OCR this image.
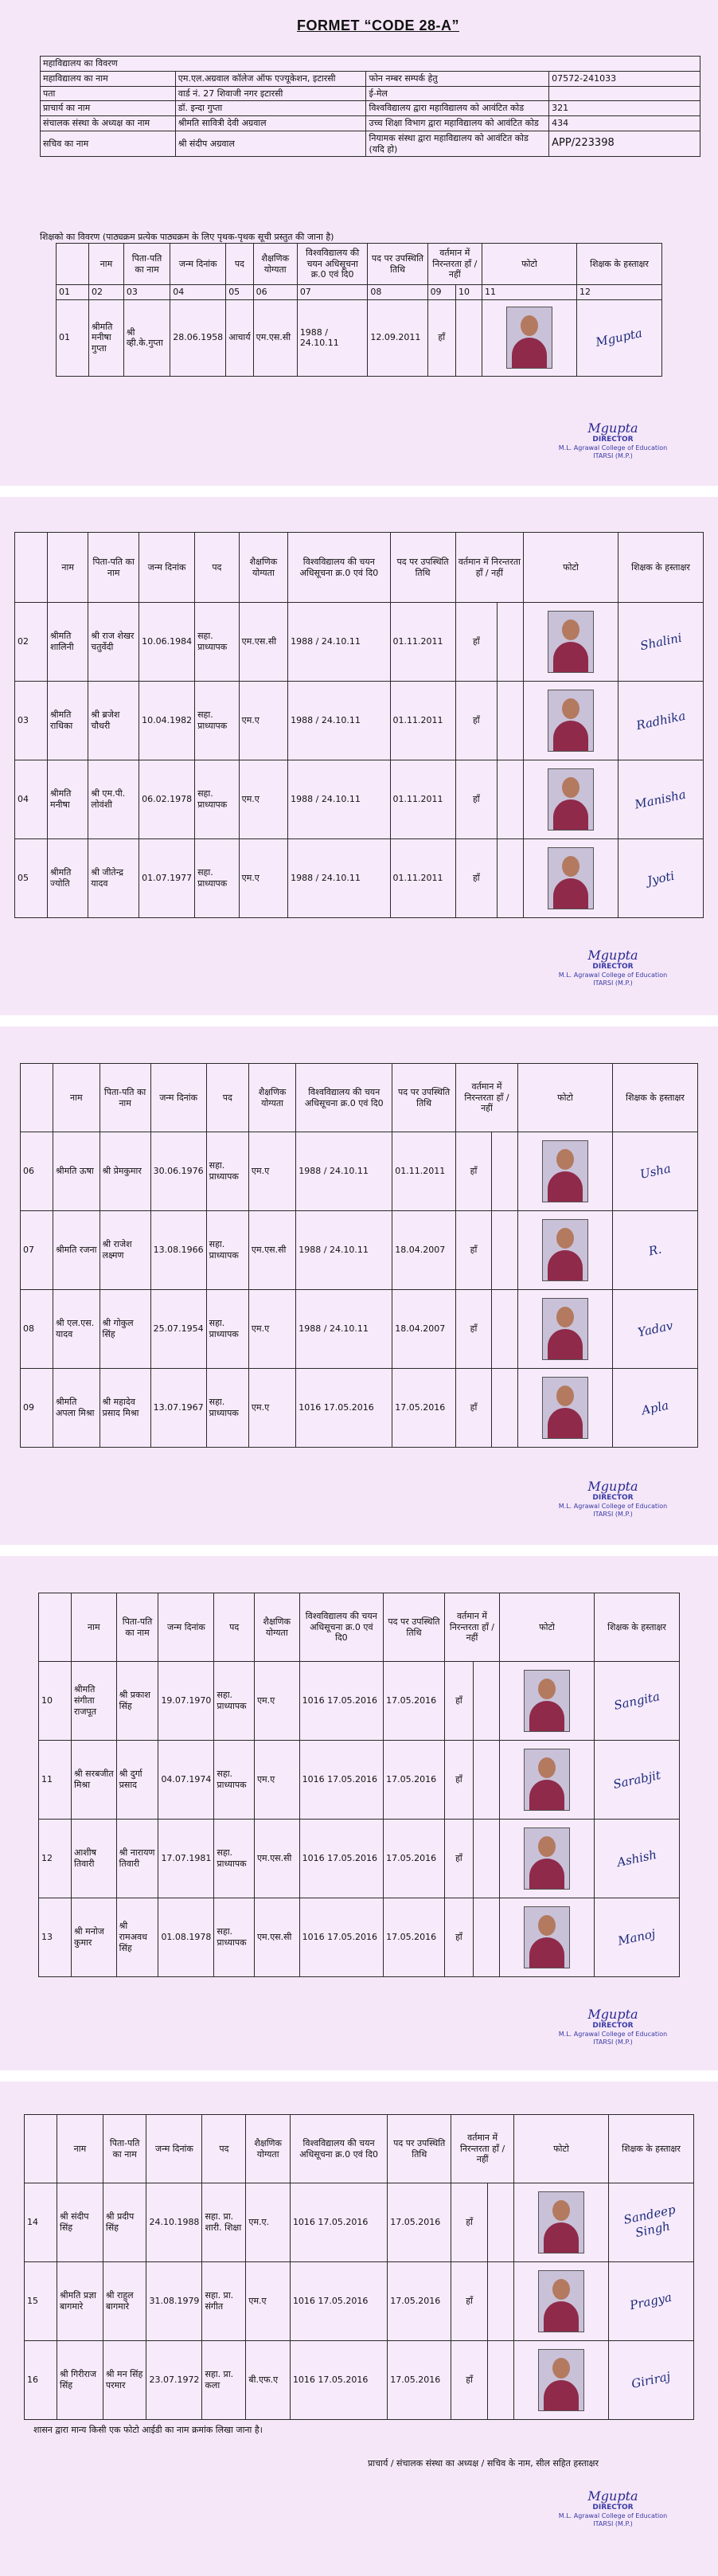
FORMET “CODE 28-A”
महाविद्यालय का विवरण			
महाविद्यालय का नाम	एम.एल.अग्रवाल कॉलेज ऑफ एज्यूकेशन, इटारसी	फोन नम्बर सम्पर्क हेतु	07572-241033
पता	वार्ड नं. 27 शिवाजी नगर इटारसी	ई-मेल	
प्राचार्य का नाम	डॉ. इन्दा गुप्ता	विश्वविद्यालय द्वारा महाविद्यालय को आवंटित कोड	321
संचालक संस्था के अध्यक्ष का नाम	श्रीमति सावित्री देवी अग्रवाल	उच्च शिक्षा विभाग द्वारा महाविद्यालय को आवंटित कोड	434
सचिव का नाम	श्री संदीप अग्रवाल	नियामक संस्था द्वारा महाविद्यालय को आवंटित कोड (यदि हो)	APP/223398
शिक्षको का विवरण (पाठ्यक्रम प्रत्येक पाठ्यक्रम के लिए पृथक-पृथक सूची प्रस्तुत की जाना है)
	नाम	पिता-पति का नाम	जन्म दिनांक	पद	शैक्षणिक योग्यता	विश्वविद्यालय की चयन अधिसूचना क्र.0 एवं दि0	पद पर उपस्थिति तिथि	वर्तमान में निरन्तरता हाँ / नहीं		फोटो	शिक्षक के हस्ताक्षर
01	02	03	04	05	06	07	08	09	10	11	12
01	श्रीमति मनीषा गुप्ता	श्री व्ही.के.गुप्ता	28.06.1958	आचार्य	एम.एस.सी	1988 / 24.10.11	12.09.2011	हाँ			Mgupta
Mgupta
DIRECTOR
M.L. Agrawal College of Education
ITARSI (M.P.)
	नाम	पिता-पति का नाम	जन्म दिनांक	पद	शैक्षणिक योग्यता	विश्वविद्यालय की चयन अधिसूचना क्र.0 एवं दि0	पद पर उपस्थिति तिथि	वर्तमान में निरन्तरता हाँ / नहीं		फोटो	शिक्षक के हस्ताक्षर
02	श्रीमति शालिनी	श्री राज शेखर चतुर्वेदी	10.06.1984	सहा. प्राध्यापक	एम.एस.सी	1988 / 24.10.11	01.11.2011	हाँ			Shalini
03	श्रीमति राधिका	श्री ब्रजेश चौधरी	10.04.1982	सहा. प्राध्यापक	एम.ए	1988 / 24.10.11	01.11.2011	हाँ			Radhika
04	श्रीमति मनीषा	श्री एम.पी. लोवंशी	06.02.1978	सहा. प्राध्यापक	एम.ए	1988 / 24.10.11	01.11.2011	हाँ			Manisha
05	श्रीमति ज्योति	श्री जीतेन्द्र यादव	01.07.1977	सहा. प्राध्यापक	एम.ए	1988 / 24.10.11	01.11.2011	हाँ			Jyoti
Mgupta
DIRECTOR
M.L. Agrawal College of Education
ITARSI (M.P.)
	नाम	पिता-पति का नाम	जन्म दिनांक	पद	शैक्षणिक योग्यता	विश्वविद्यालय की चयन अधिसूचना क्र.0 एवं दि0	पद पर उपस्थिति तिथि	वर्तमान में निरन्तरता हाँ / नहीं		फोटो	शिक्षक के हस्ताक्षर
06	श्रीमति ऊषा	श्री प्रेमकुमार	30.06.1976	सहा. प्राध्यापक	एम.ए	1988 / 24.10.11	01.11.2011	हाँ			Usha
07	श्रीमति रजना	श्री राजेश लक्ष्मण	13.08.1966	सहा. प्राध्यापक	एम.एस.सी	1988 / 24.10.11	18.04.2007	हाँ			R.
08	श्री एल.एस. यादव	श्री गोकुल सिंह	25.07.1954	सहा. प्राध्यापक	एम.ए	1988 / 24.10.11	18.04.2007	हाँ			Yadav
09	श्रीमति अपला मिश्रा	श्री महादेव प्रसाद मिश्रा	13.07.1967	सहा. प्राध्यापक	एम.ए	1016 17.05.2016	17.05.2016	हाँ			Apla
Mgupta
DIRECTOR
M.L. Agrawal College of Education
ITARSI (M.P.)
	नाम	पिता-पति का नाम	जन्म दिनांक	पद	शैक्षणिक योग्यता	विश्वविद्यालय की चयन अधिसूचना क्र.0 एवं दि0	पद पर उपस्थिति तिथि	वर्तमान में निरन्तरता हाँ / नहीं		फोटो	शिक्षक के हस्ताक्षर
10	श्रीमति संगीता राजपूत	श्री प्रकाश सिंह	19.07.1970	सहा. प्राध्यापक	एम.ए	1016 17.05.2016	17.05.2016	हाँ			Sangita
11	श्री सरबजीत मिश्रा	श्री दुर्गा प्रसाद	04.07.1974	सहा. प्राध्यापक	एम.ए	1016 17.05.2016	17.05.2016	हाँ			Sarabjit
12	आशीष तिवारी	श्री नारायण तिवारी	17.07.1981	सहा. प्राध्यापक	एम.एस.सी	1016 17.05.2016	17.05.2016	हाँ			Ashish
13	श्री मनोज कुमार	श्री रामअवध सिंह	01.08.1978	सहा. प्राध्यापक	एम.एस.सी	1016 17.05.2016	17.05.2016	हाँ			Manoj
Mgupta
DIRECTOR
M.L. Agrawal College of Education
ITARSI (M.P.)
	नाम	पिता-पति का नाम	जन्म दिनांक	पद	शैक्षणिक योग्यता	विश्वविद्यालय की चयन अधिसूचना क्र.0 एवं दि0	पद पर उपस्थिति तिथि	वर्तमान में निरन्तरता हाँ / नहीं		फोटो	शिक्षक के हस्ताक्षर
14	श्री संदीप सिंह	श्री प्रदीप सिंह	24.10.1988	सहा. प्रा. शारी. शिक्षा	एम.ए.	1016 17.05.2016	17.05.2016	हाँ			Sandeep Singh
15	श्रीमति प्रज्ञा बागमारे	श्री राहुल बागमारे	31.08.1979	सहा. प्रा. संगीत	एम.ए	1016 17.05.2016	17.05.2016	हाँ			Pragya
16	श्री गिरीराज सिंह	श्री मन सिंह परमार	23.07.1972	सहा. प्रा. कला	बी.एफ.ए	1016 17.05.2016	17.05.2016	हाँ			Giriraj
Mgupta
DIRECTOR
M.L. Agrawal College of Education
ITARSI (M.P.)
शासन द्वारा मान्य किसी एक फोटो आईडी का नाम क्रमांक लिखा जाना है।
प्राचार्य / संचालक संस्था का अध्यक्ष / सचिव के नाम, सील सहित हस्ताक्षर
